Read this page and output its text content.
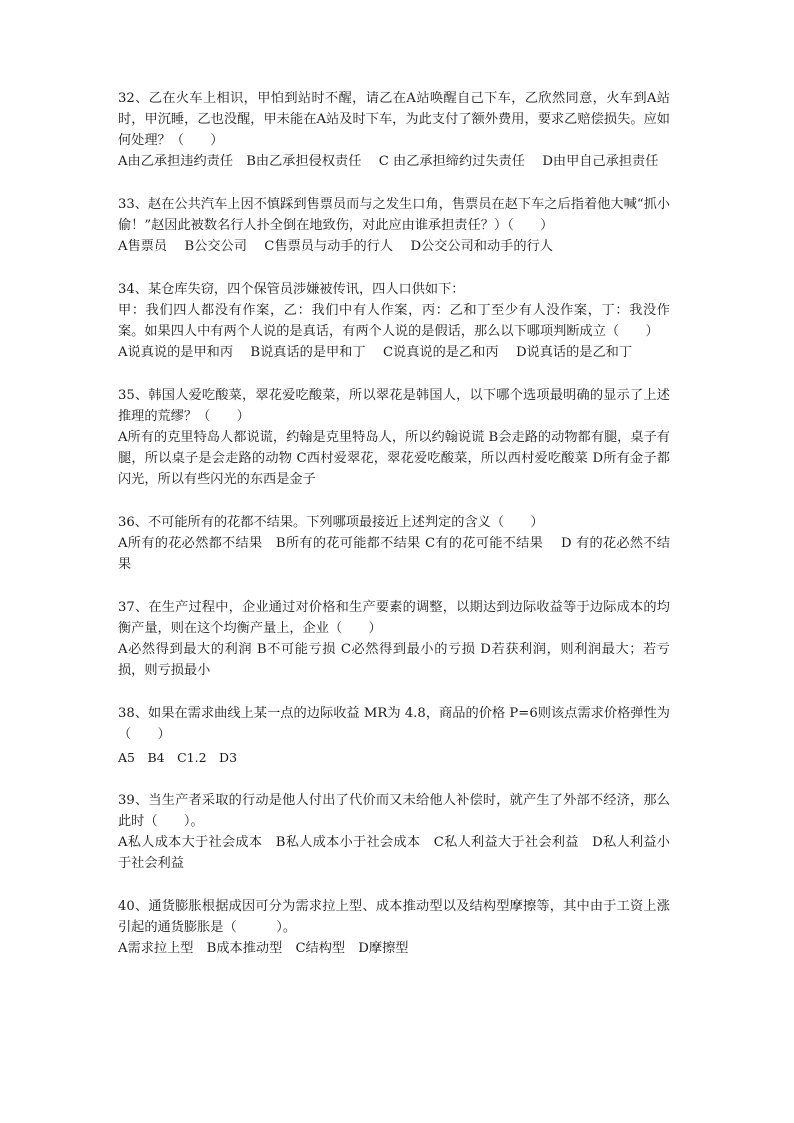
32、乙在火车上相识，甲怕到站时不醒，请乙在A站唤醒自己下车，乙欣然同意，火车到A站时，甲沉睡，乙也没醒，甲未能在A站及时下车，为此支付了额外费用，要求乙赔偿损失。应如何处理？（　　）

A由乙承担违约责任　B由乙承担侵权责任　 C 由乙承担缔约过失责任　 D由甲自己承担责任

33、赵在公共汽车上因不慎踩到售票员而与之发生口角，售票员在赵下车之后指着他大喊“抓小偷！”赵因此被数名行人扑全倒在地致伤，对此应由谁承担责任？）（　　）

A售票员　 B公交公司　 C售票员与动手的行人　 D公交公司和动手的行人

34、某仓库失窃，四个保管员涉嫌被传讯，四人口供如下：

甲：我们四人都没有作案，乙：我们中有人作案，丙：乙和丁至少有人没作案，丁：我没作案。如果四人中有两个人说的是真话，有两个人说的是假话，那么以下哪项判断成立（　　）

A说真说的是甲和丙　 B说真话的是甲和丁　 C说真说的是乙和丙　 D说真话的是乙和丁

35、韩国人爱吃酸菜，翠花爱吃酸菜，所以翠花是韩国人，以下哪个选项最明确的显示了上述推理的荒缪？（　　）

A所有的克里特岛人都说谎，约翰是克里特岛人，所以约翰说谎 B会走路的动物都有腿，桌子有腿，所以桌子是会走路的动物 C西村爱翠花，翠花爱吃酸菜，所以西村爱吃酸菜 D所有金子都闪光，所以有些闪光的东西是金子

36、不可能所有的花都不结果。下列哪项最接近上述判定的含义（　　）

A所有的花必然都不结果　B所有的花可能都不结果 C有的花可能不结果　 D 有的花必然不结果

37、在生产过程中，企业通过对价格和生产要素的调整，以期达到边际收益等于边际成本的均衡产量，则在这个均衡产量上，企业（　　）

A必然得到最大的利润 B不可能亏损 C必然得到最小的亏损 D若获利润，则利润最大；若亏损，则亏损最小

38、如果在需求曲线上某一点的边际收益 MR为 4.8，商品的价格 P=6则该点需求价格弹性为（　　）

A5　B4　C1.2　D3

39、当生产者采取的行动是他人付出了代价而又未给他人补偿时，就产生了外部不经济，那么此时（　　）。

A私人成本大于社会成本　B私人成本小于社会成本　C私人利益大于社会利益　D私人利益小于社会利益

40、通货膨胀根据成因可分为需求拉上型、成本推动型以及结构型摩擦等，其中由于工资上涨引起的通货膨胀是（　　　）。

A需求拉上型　B成本推动型　C结构型　D摩擦型
